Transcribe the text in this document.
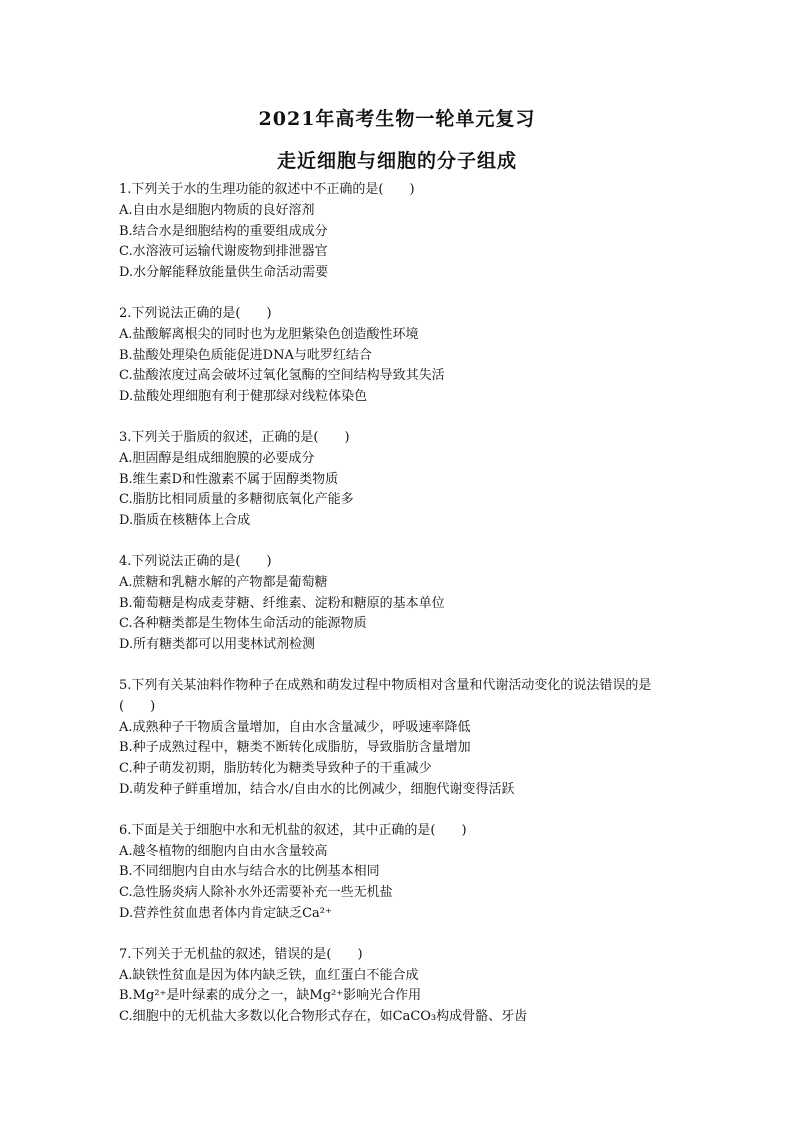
2021年高考生物一轮单元复习
走近细胞与细胞的分子组成
1.下列关于水的生理功能的叙述中不正确的是(　　)
A.自由水是细胞内物质的良好溶剂
B.结合水是细胞结构的重要组成成分
C.水溶液可运输代谢废物到排泄器官
D.水分解能释放能量供生命活动需要
2.下列说法正确的是(　　)
A.盐酸解离根尖的同时也为龙胆紫染色创造酸性环境
B.盐酸处理染色质能促进DNA与吡罗红结合
C.盐酸浓度过高会破坏过氧化氢酶的空间结构导致其失活
D.盐酸处理细胞有利于健那绿对线粒体染色
3.下列关于脂质的叙述，正确的是(　　)
A.胆固醇是组成细胞膜的必要成分
B.维生素D和性激素不属于固醇类物质
C.脂肪比相同质量的多糖彻底氧化产能多
D.脂质在核糖体上合成
4.下列说法正确的是(　　)
A.蔗糖和乳糖水解的产物都是葡萄糖
B.葡萄糖是构成麦芽糖、纤维素、淀粉和糖原的基本单位
C.各种糖类都是生物体生命活动的能源物质
D.所有糖类都可以用斐林试剂检测
5.下列有关某油料作物种子在成熟和萌发过程中物质相对含量和代谢活动变化的说法错误的是
(　　)
A.成熟种子干物质含量增加，自由水含量减少，呼吸速率降低
B.种子成熟过程中，糖类不断转化成脂肪，导致脂肪含量增加
C.种子萌发初期，脂肪转化为糖类导致种子的干重减少
D.萌发种子鲜重增加，结合水/自由水的比例减少，细胞代谢变得活跃
6.下面是关于细胞中水和无机盐的叙述，其中正确的是(　　)
A.越冬植物的细胞内自由水含量较高
B.不同细胞内自由水与结合水的比例基本相同
C.急性肠炎病人除补水外还需要补充一些无机盐
D.营养性贫血患者体内肯定缺乏Ca²⁺
7.下列关于无机盐的叙述，错误的是(　　)
A.缺铁性贫血是因为体内缺乏铁，血红蛋白不能合成
B.Mg²⁺是叶绿素的成分之一，缺Mg²⁺影响光合作用
C.细胞中的无机盐大多数以化合物形式存在，如CaCO₃构成骨骼、牙齿
